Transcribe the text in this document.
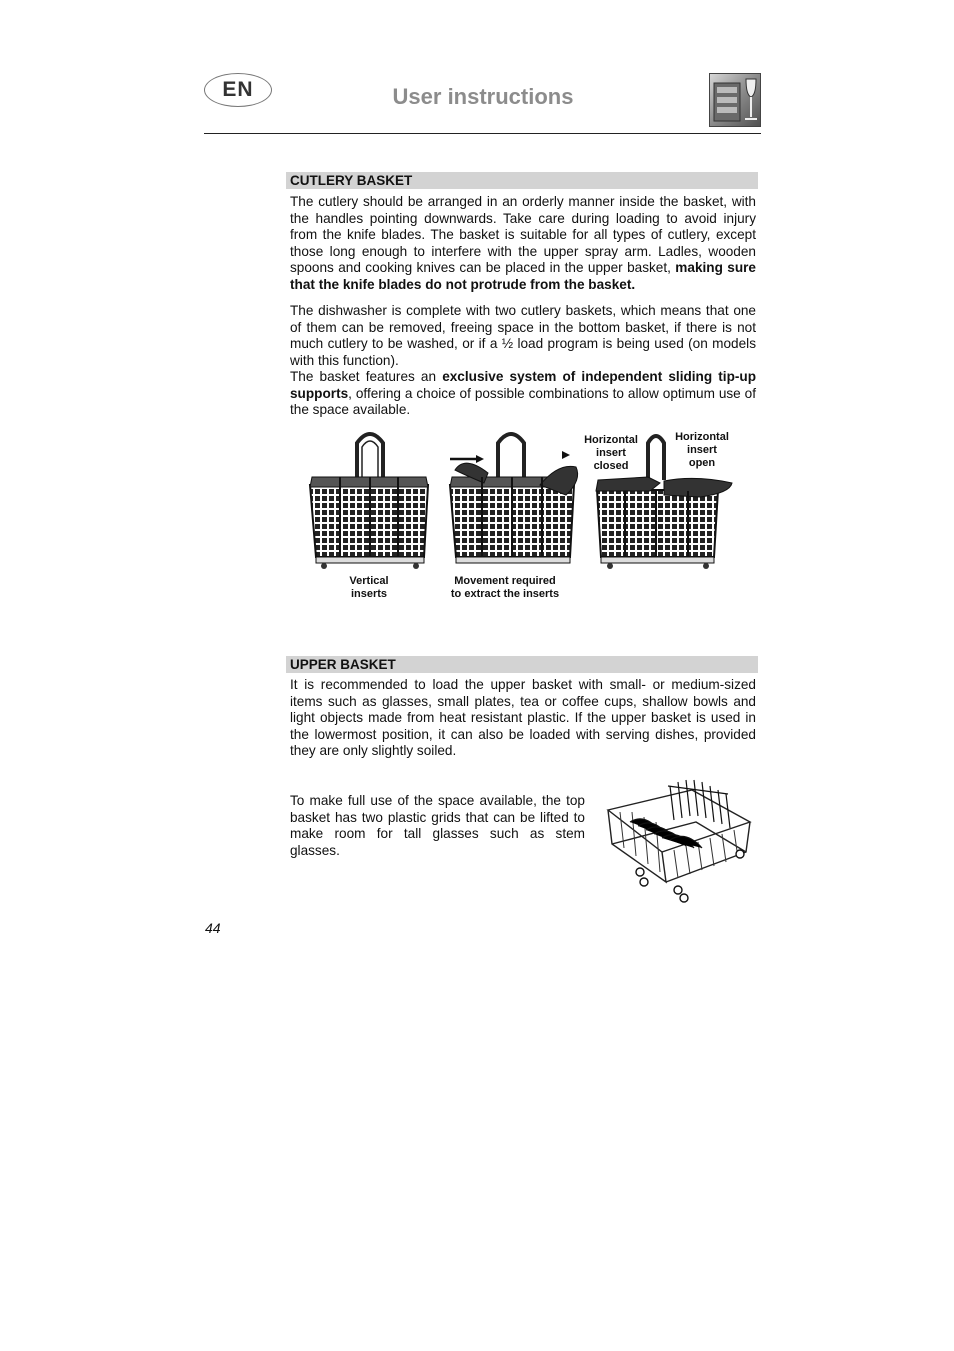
EN	User instructions
CUTLERY BASKET

The cutlery should be arranged in an orderly manner inside the basket, with the handles pointing downwards. Take care during loading to avoid injury from the knife blades. The basket is suitable for all types of cutlery, except those long enough to interfere with the upper spray arm. Ladles, wooden spoons and cooking knives can be placed in the upper basket, making sure that the knife blades do not protrude from the basket.

The dishwasher is complete with two cutlery baskets, which means that one of them can be removed, freeing space in the bottom basket, if there is not much cutlery to be washed, or if a ½ load program is being used (on models with this function).

The basket features an exclusive system of independent sliding tip-up supports, offering a choice of possible combinations to allow optimum use of the space available.

Vertical
inserts
Movement required
to extract the inserts
Horizontal
insert
closed
Horizontal
insert
open
UPPER BASKET

It is recommended to load the upper basket with small- or medium-sized items such as glasses, small plates, tea or coffee cups, shallow bowls and light objects made from heat resistant plastic. If the upper basket is used in the lowermost position, it can also be loaded with serving dishes, provided they are only slightly soiled.

To make full use of the space available, the top basket has two plastic grids that can be lifted to make room for tall glasses such as stem glasses.

44
